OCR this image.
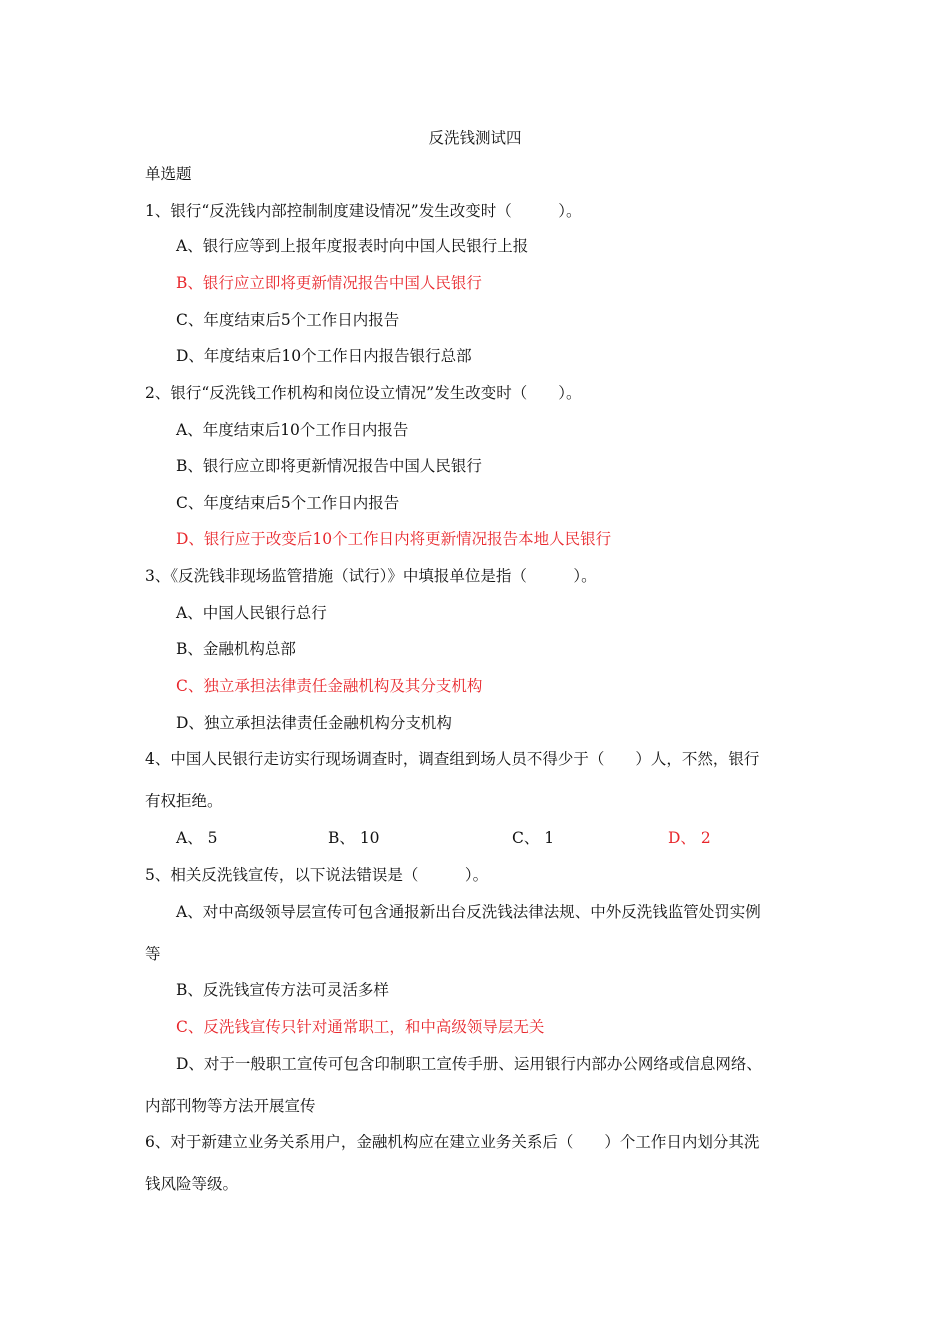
反洗钱测试四
单选题
1、银行“反洗钱内部控制制度建设情况”发生改变时（　　　）。
A、银行应等到上报年度报表时向中国人民银行上报
B、银行应立即将更新情况报告中国人民银行
C、年度结束后5个工作日内报告
D、年度结束后10个工作日内报告银行总部
2、银行“反洗钱工作机构和岗位设立情况”发生改变时（　　）。
A、年度结束后10个工作日内报告
B、银行应立即将更新情况报告中国人民银行
C、年度结束后5个工作日内报告
D、银行应于改变后10个工作日内将更新情况报告本地人民银行
3、《反洗钱非现场监管措施（试行）》中填报单位是指（　　　）。
A、中国人民银行总行
B、金融机构总部
C、独立承担法律责任金融机构及其分支机构
D、独立承担法律责任金融机构分支机构
4、中国人民银行走访实行现场调查时，调查组到场人员不得少于（　　）人，不然，银行
有权拒绝。
A、 5	B、 10	C、 1	D、 2
5、相关反洗钱宣传，以下说法错误是（　　　）。
A、对中高级领导层宣传可包含通报新出台反洗钱法律法规、中外反洗钱监管处罚实例
等
B、反洗钱宣传方法可灵活多样
C、反洗钱宣传只针对通常职工，和中高级领导层无关
D、对于一般职工宣传可包含印制职工宣传手册、运用银行内部办公网络或信息网络、
内部刊物等方法开展宣传
6、对于新建立业务关系用户，金融机构应在建立业务关系后（　　）个工作日内划分其洗
钱风险等级。
